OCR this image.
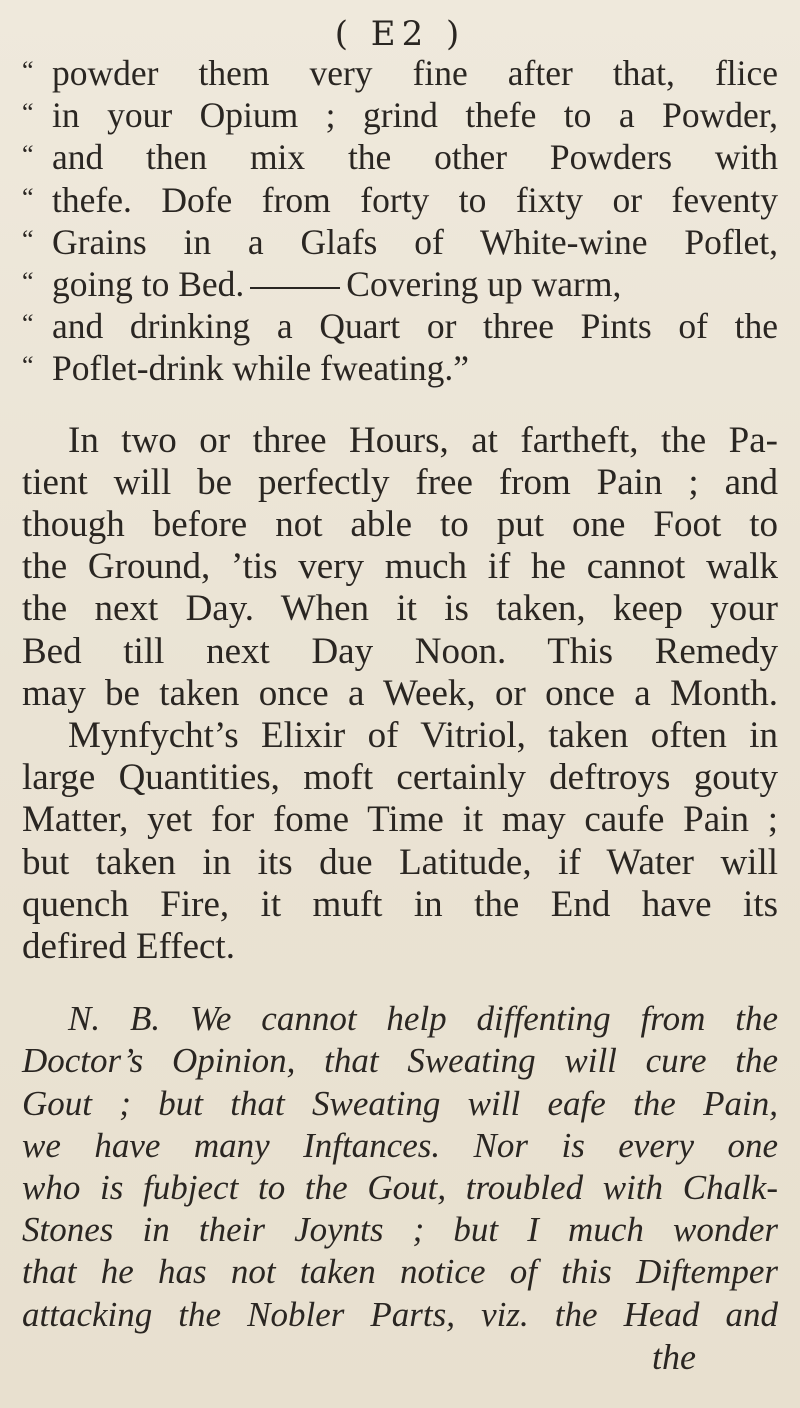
( E2 )
“ powder them very fine after that, flice
“ in your Opium ; grind thefe to a Powder,
“ and then mix the other Powders with
“ thefe. Dofe from forty to fixty or feventy
“ Grains in a Glafs of White-wine Poflet,
“ going to Bed.	Covering up warm,
“ and drinking a Quart or three Pints of the
“ Poflet-drink while fweating.”
In two or three Hours, at fartheft, the Pa-
tient will be perfectly free from Pain ; and
though before not able to put one Foot to
the Ground, ’tis very much if he cannot walk
the next Day. When it is taken, keep your
Bed till next Day Noon. This Remedy
may be taken once a Week, or once a Month.
Mynfycht’s Elixir of Vitriol, taken often in
large Quantities, moft certainly deftroys gouty
Matter, yet for fome Time it may caufe Pain ;
but taken in its due Latitude, if Water will
quench Fire, it muft in the End have its
defired Effect.
N. B. We cannot help diffenting from the
Doctor’s Opinion, that Sweating will cure the
Gout ; but that Sweating will eafe the Pain,
we have many Inftances. Nor is every one
who is fubject to the Gout, troubled with Chalk-
Stones in their Joynts ; but I much wonder
that he has not taken notice of this Diftemper
attacking the Nobler Parts, viz. the Head and
the
